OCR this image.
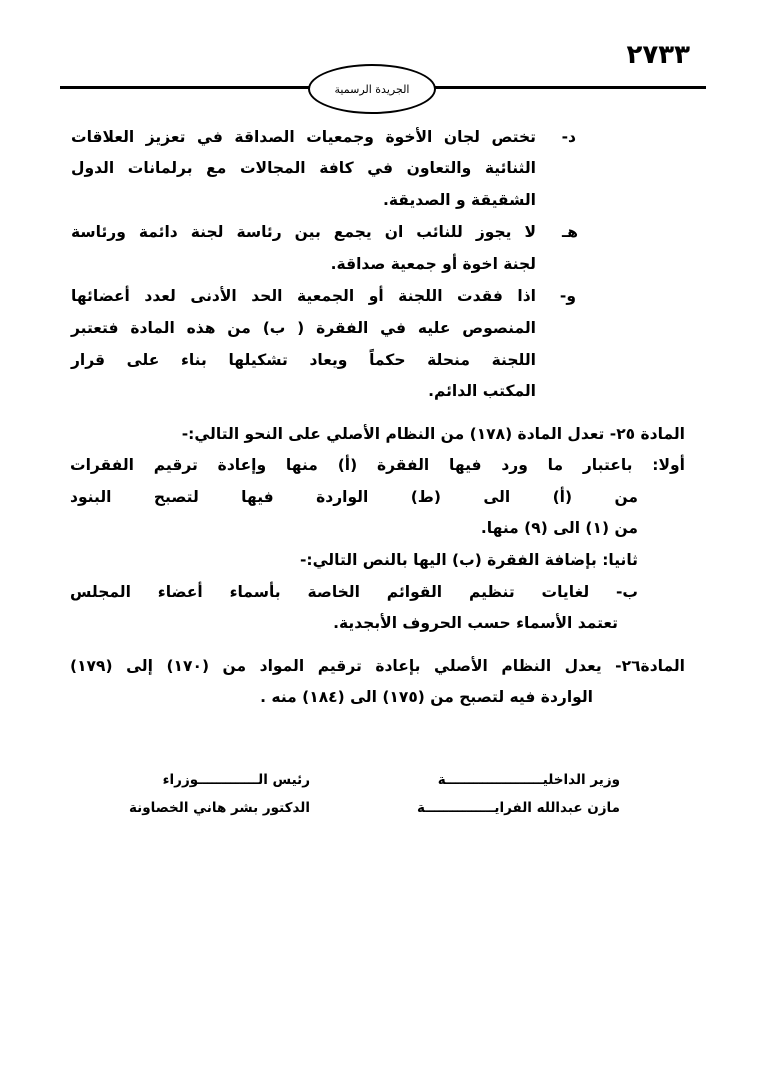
٢٧٣٣
الجريدة الرسمية
د-
تختص لجان الأخوة وجمعيات الصداقة في تعزيز العلاقات
الثنائية والتعاون في كافة المجالات مع برلمانات الدول
الشقيقة و الصديقة.
هـ
لا يجوز للنائب ان يجمع بين رئاسة لجنة دائمة ورئاسة
لجنة اخوة أو جمعية صداقة.
و-
اذا فقدت اللجنة أو الجمعية الحد الأدنى لعدد أعضائها
المنصوص عليه في الفقرة ( ب) من هذه المادة فتعتبر
اللجنة منحلة حكماً ويعاد تشكيلها بناء على قرار
المكتب الدائم.
المادة ٢٥- تعدل المادة (١٧٨) من النظام الأصلي على النحو التالي:-
أولا: باعتبار ما ورد فيها الفقرة (أ) منها وإعادة ترقيم الفقرات
من (أ) الى (ط) الواردة فيها لتصبح البنود
من (١) الى (٩) منها.
ثانيا: بإضافة الفقرة (ب) اليها بالنص التالي:-
ب- لغايات تنظيم القوائم الخاصة بأسماء أعضاء المجلس
تعتمد الأسماء حسب الحروف الأبجدية.
المادة٢٦- يعدل النظام الأصلي بإعادة ترقيم المواد من (١٧٠) إلى (١٧٩)
الواردة فيه لتصبح من (١٧٥) الى (١٨٤) منه .
وزير الداخليـــــــــــــــــــــة
مازن عبدالله الفرايـــــــــــــــة
رئيس الـــــــــــــوزراء
الدكتور بشر هاني الخصاونة
